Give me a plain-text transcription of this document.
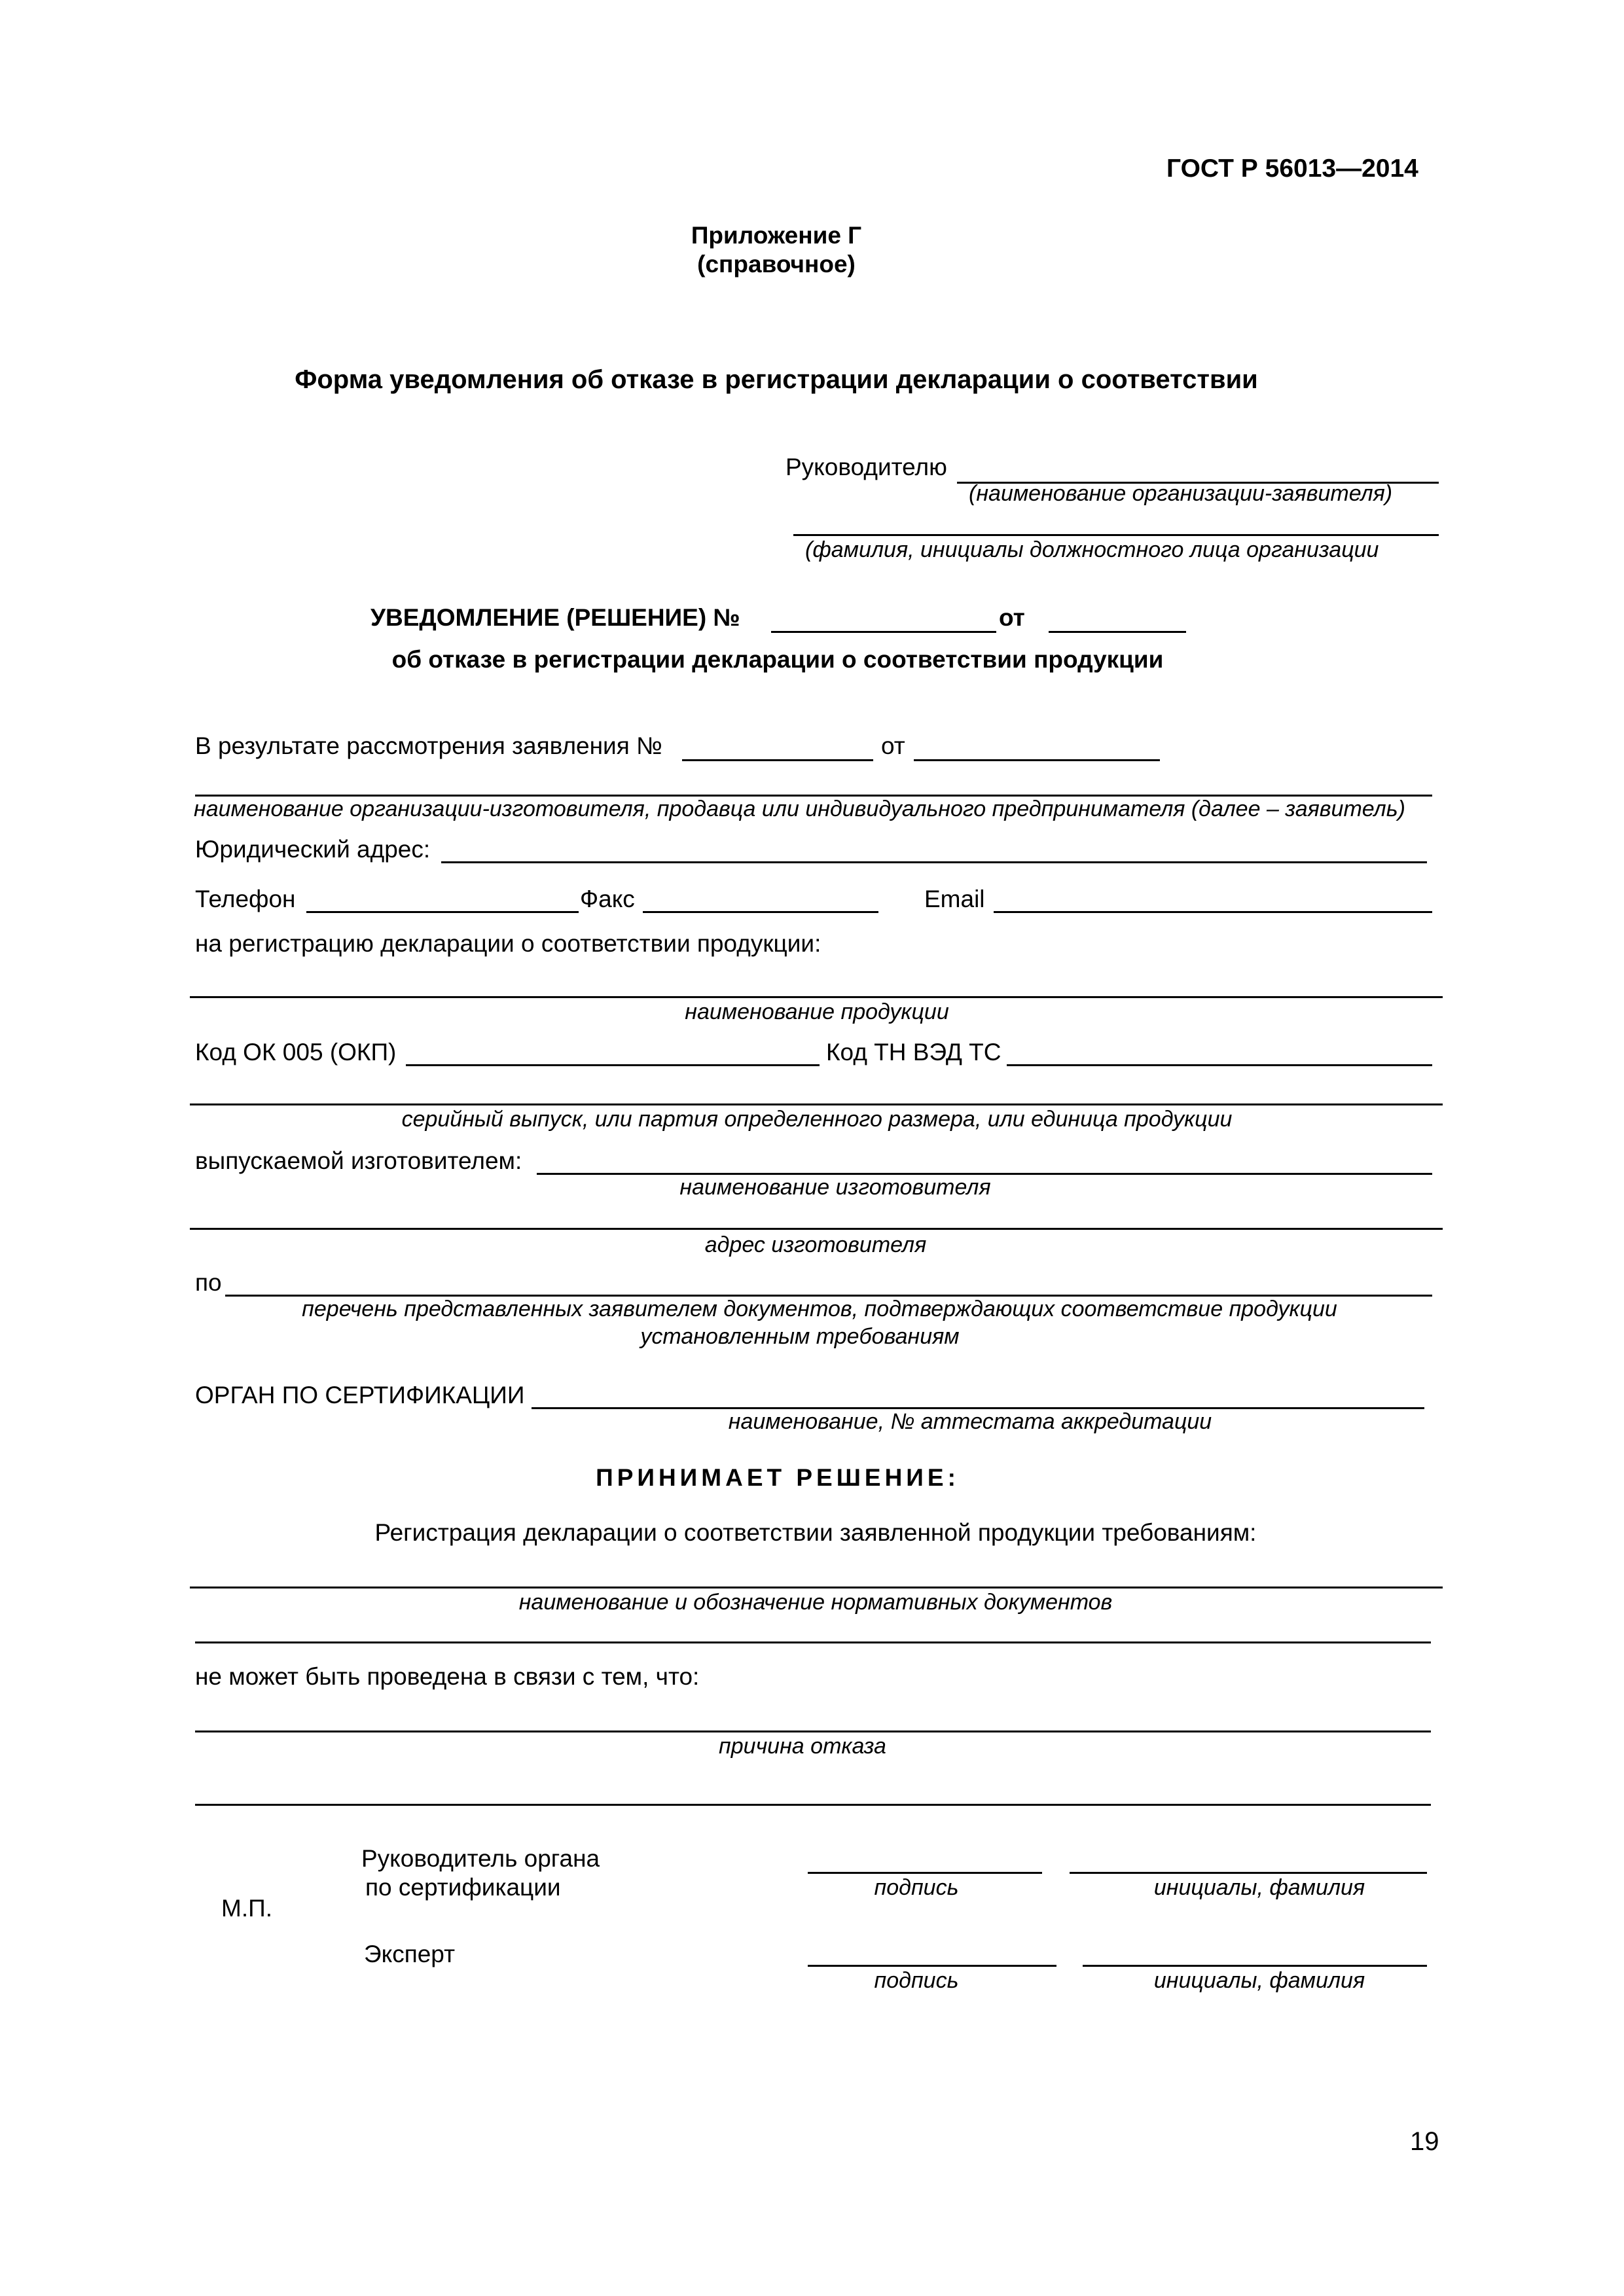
ГОСТ Р 56013—2014
Приложение Г
(справочное)
Форма уведомления об отказе в регистрации декларации о соответствии
Руководителю
(наименование организации-заявителя)
(фамилия, инициалы должностного лица организации
УВЕДОМЛЕНИЕ (РЕШЕНИЕ) №	от
об отказе в регистрации декларации о соответствии продукции
В результате рассмотрения заявления №	от
наименование организации-изготовителя, продавца или индивидуального предпринимателя (далее – заявитель)
Юридический адрес:
Телефон	Факс	Email
на регистрацию декларации о соответствии продукции:
наименование продукции
Код ОК 005 (ОКП)	Код ТН ВЭД ТС
серийный выпуск, или партия определенного размера, или единица продукции
выпускаемой изготовителем:
наименование изготовителя
адрес изготовителя
по
перечень представленных заявителем документов, подтверждающих соответствие продукции
установленным требованиям
ОРГАН ПО СЕРТИФИКАЦИИ
наименование, № аттестата аккредитации
ПРИНИМАЕТ РЕШЕНИЕ:
Регистрация декларации о соответствии заявленной продукции требованиям:
наименование и обозначение нормативных документов
не может быть проведена в связи с тем, что:
причина отказа
Руководитель органа
по сертификации	подпись	инициалы, фамилия
М.П.
Эксперт
подпись	инициалы, фамилия
19
